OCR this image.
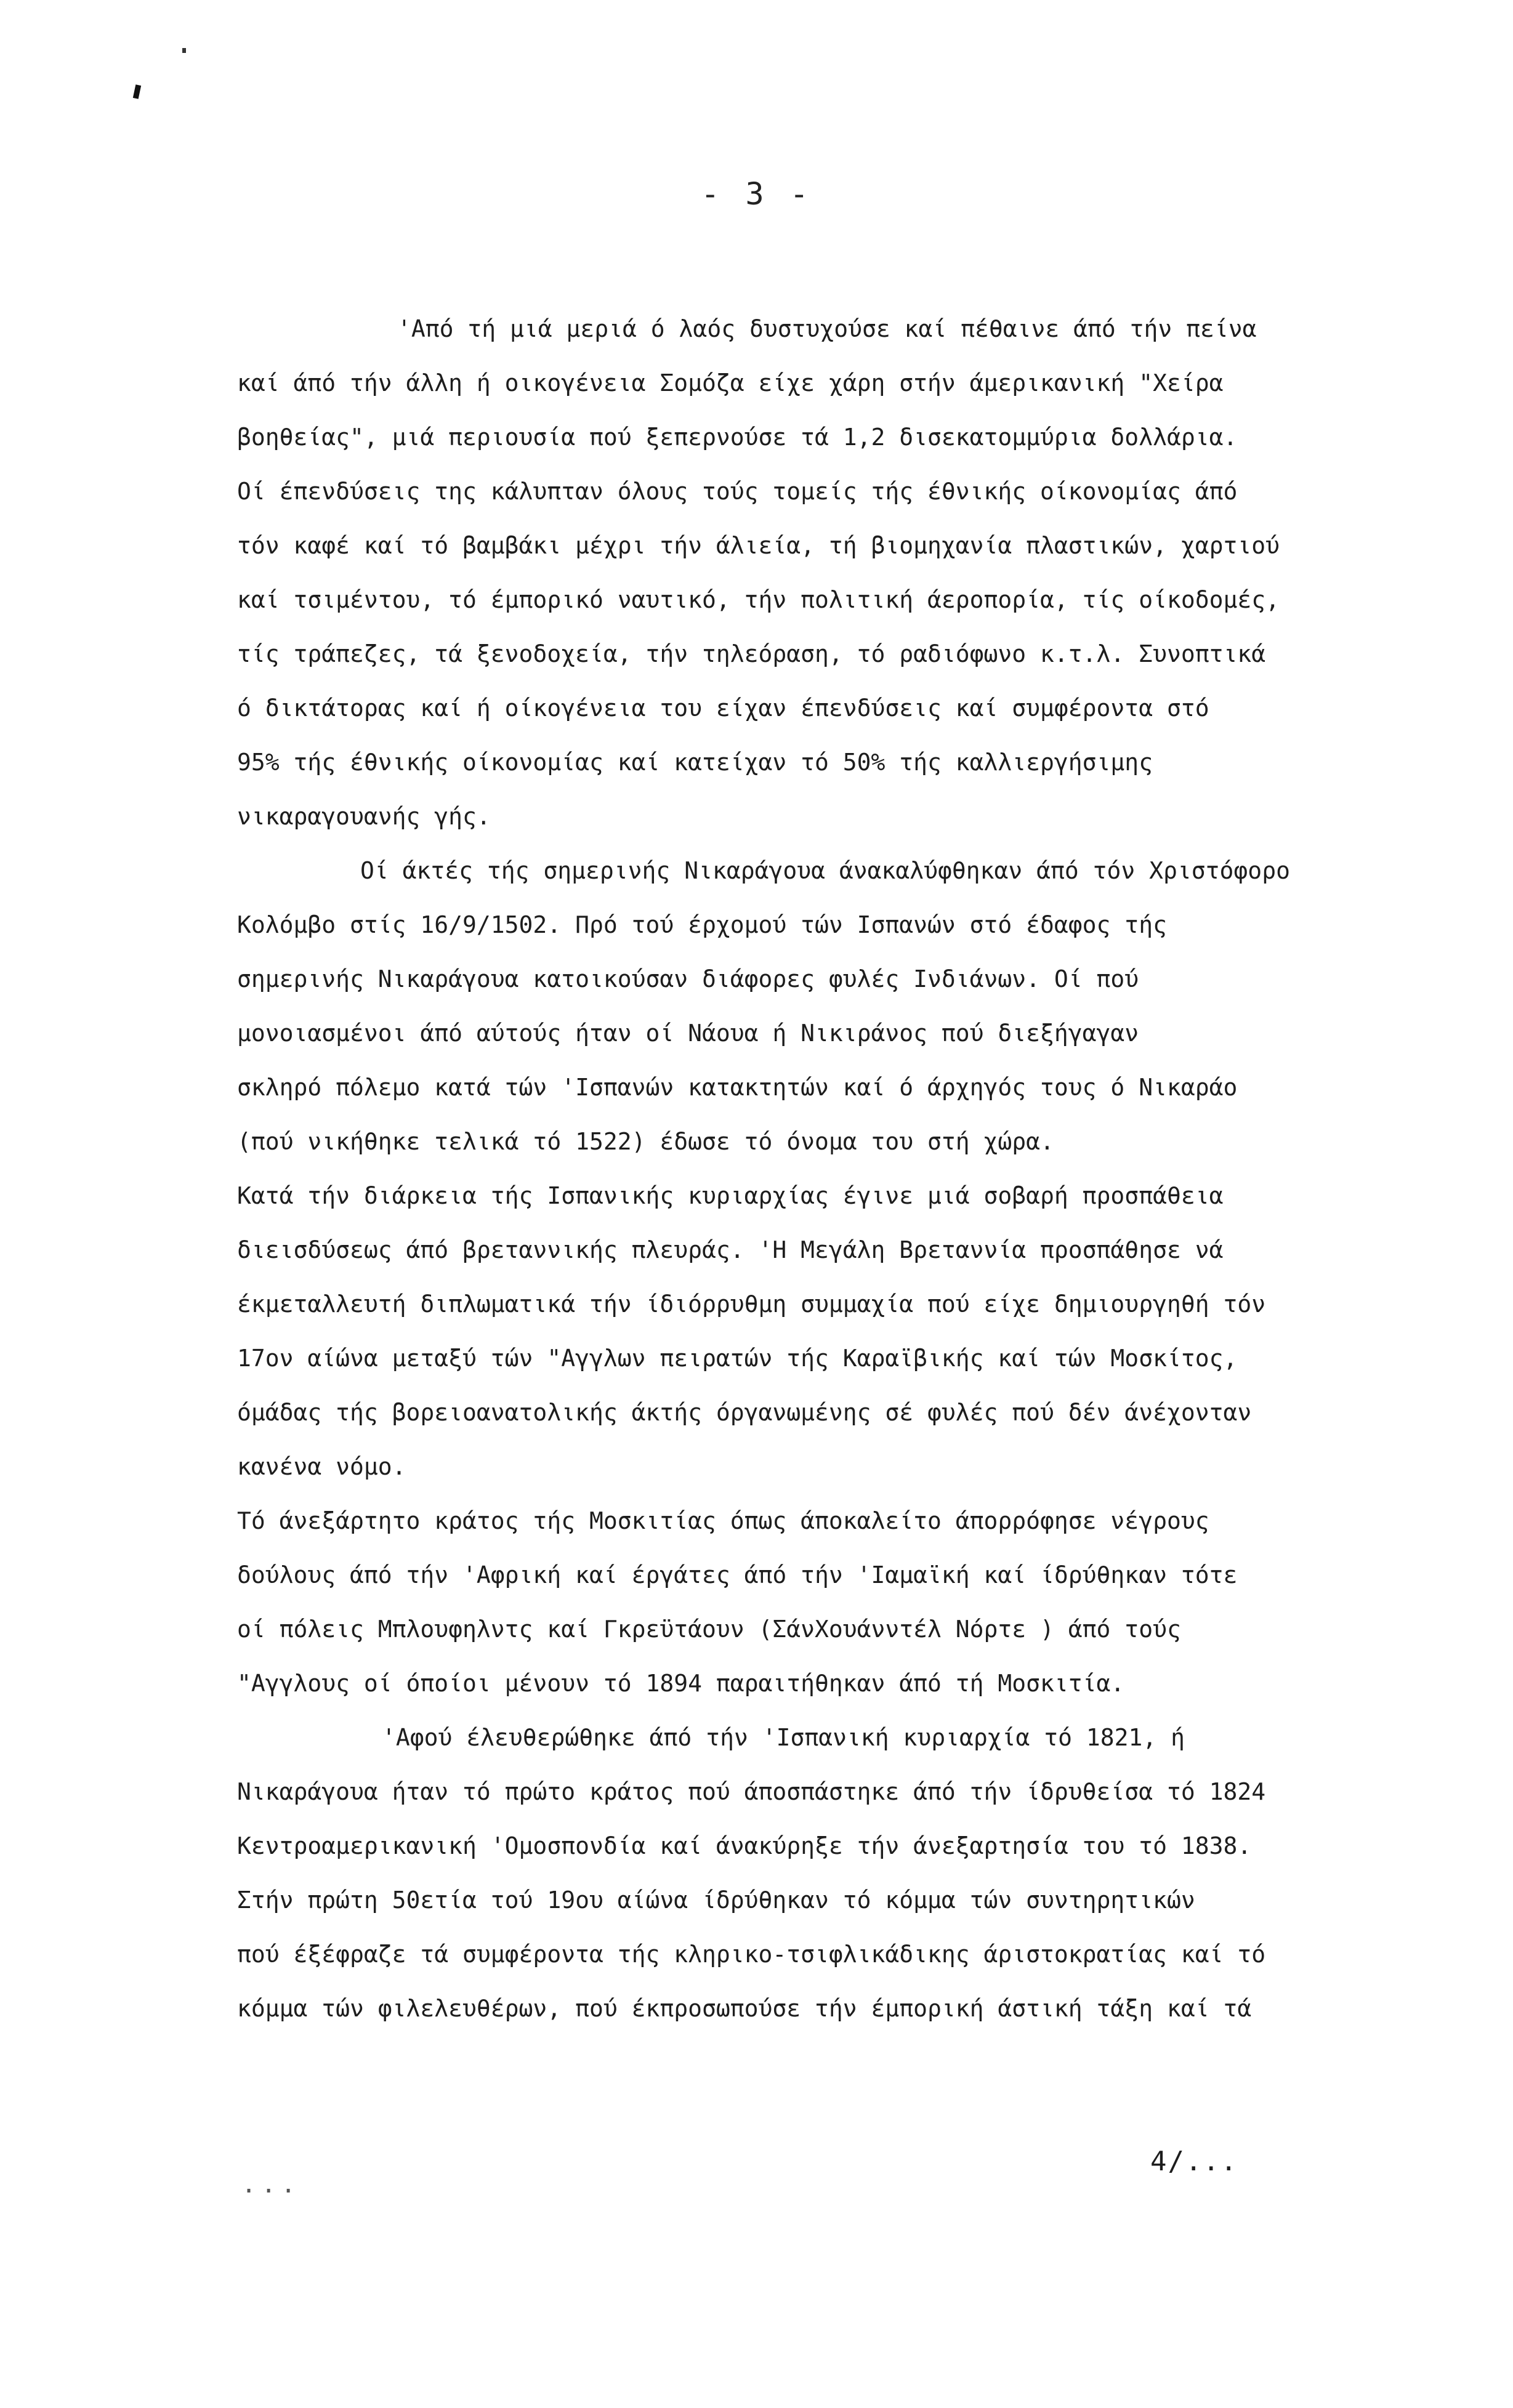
- 3 -
'Από τή μιά μεριά ό λαός δυστυχούσε καί πέθαινε άπό τήν πείνα
καί άπό τήν άλλη ή οικογένεια Σομόζα είχε χάρη στήν άμερικανική "Χείρα
βοηθείας", μιά περιουσία πού ξεπερνούσε τά 1,2 δισεκατομμύρια δολλάρια.
Οί έπενδύσεις της κάλυπταν όλους τούς τομείς τής έθνικής οίκονομίας άπό
τόν καφέ καί τό βαμβάκι μέχρι τήν άλιεία, τή βιομηχανία πλαστικών, χαρτιού
καί τσιμέντου, τό έμπορικό ναυτικό, τήν πολιτική άεροπορία, τίς οίκοδομές,
τίς τράπεζες, τά ξενοδοχεία, τήν τηλεόραση, τό ραδιόφωνο κ.τ.λ. Συνοπτικά
ό δικτάτορας καί ή οίκογένεια του είχαν έπενδύσεις καί συμφέροντα στό
95% τής έθνικής οίκονομίας καί κατείχαν τό 50% τής καλλιεργήσιμης
νικαραγουανής γής.
Οί άκτές τής σημερινής Νικαράγουα άνακαλύφθηκαν άπό τόν Χριστόφορο
Κολόμβο στίς 16/9/1502. Πρό τού έρχομού τών Ισπανών στό έδαφος τής
σημερινής Νικαράγουα κατοικούσαν διάφορες φυλές Ινδιάνων. Οί πού
μονοιασμένοι άπό αύτούς ήταν οί Νάουα ή Νικιράνος πού διεξήγαγαν
σκληρό πόλεμο κατά τών 'Ισπανών κατακτητών καί ό άρχηγός τους ό Νικαράο
(πού νικήθηκε τελικά τό 1522) έδωσε τό όνομα του στή χώρα.
Κατά τήν διάρκεια τής Ισπανικής κυριαρχίας έγινε μιά σοβαρή προσπάθεια
διεισδύσεως άπό βρεταννικής πλευράς. 'Η Μεγάλη Βρεταννία προσπάθησε νά
έκμεταλλευτή διπλωματικά τήν ίδιόρρυθμη συμμαχία πού είχε δημιουργηθή τόν
17ον αίώνα μεταξύ τών "Αγγλων πειρατών τής Καραϊβικής καί τών Μοσκίτος,
όμάδας τής βορειοανατολικής άκτής όργανωμένης σέ φυλές πού δέν άνέχονταν
κανένα νόμο.
Τό άνεξάρτητο κράτος τής Μοσκιτίας όπως άποκαλείτο άπορρόφησε νέγρους
δούλους άπό τήν 'Αφρική καί έργάτες άπό τήν 'Ιαμαϊκή καί ίδρύθηκαν τότε
οί πόλεις Μπλουφηλντς καί Γκρεϋτάουν (ΣάνΧουάνντέλ Νόρτε ) άπό τούς
"Αγγλους οί όποίοι μένουν τό 1894 παραιτήθηκαν άπό τή Μοσκιτία.
'Αφού έλευθερώθηκε άπό τήν 'Ισπανική κυριαρχία τό 1821, ή
Νικαράγουα ήταν τό πρώτο κράτος πού άποσπάστηκε άπό τήν ίδρυθείσα τό 1824
Κεντροαμερικανική 'Ομοσπονδία καί άνακύρηξε τήν άνεξαρτησία του τό 1838.
Στήν πρώτη 50ετία τού 19ου αίώνα ίδρύθηκαν τό κόμμα τών συντηρητικών
πού έξέφραζε τά συμφέροντα τής κληρικο-τσιφλικάδικης άριστοκρατίας καί τό
κόμμα τών φιλελευθέρων, πού έκπροσωπούσε τήν έμπορική άστική τάξη καί τά
...
4/...
